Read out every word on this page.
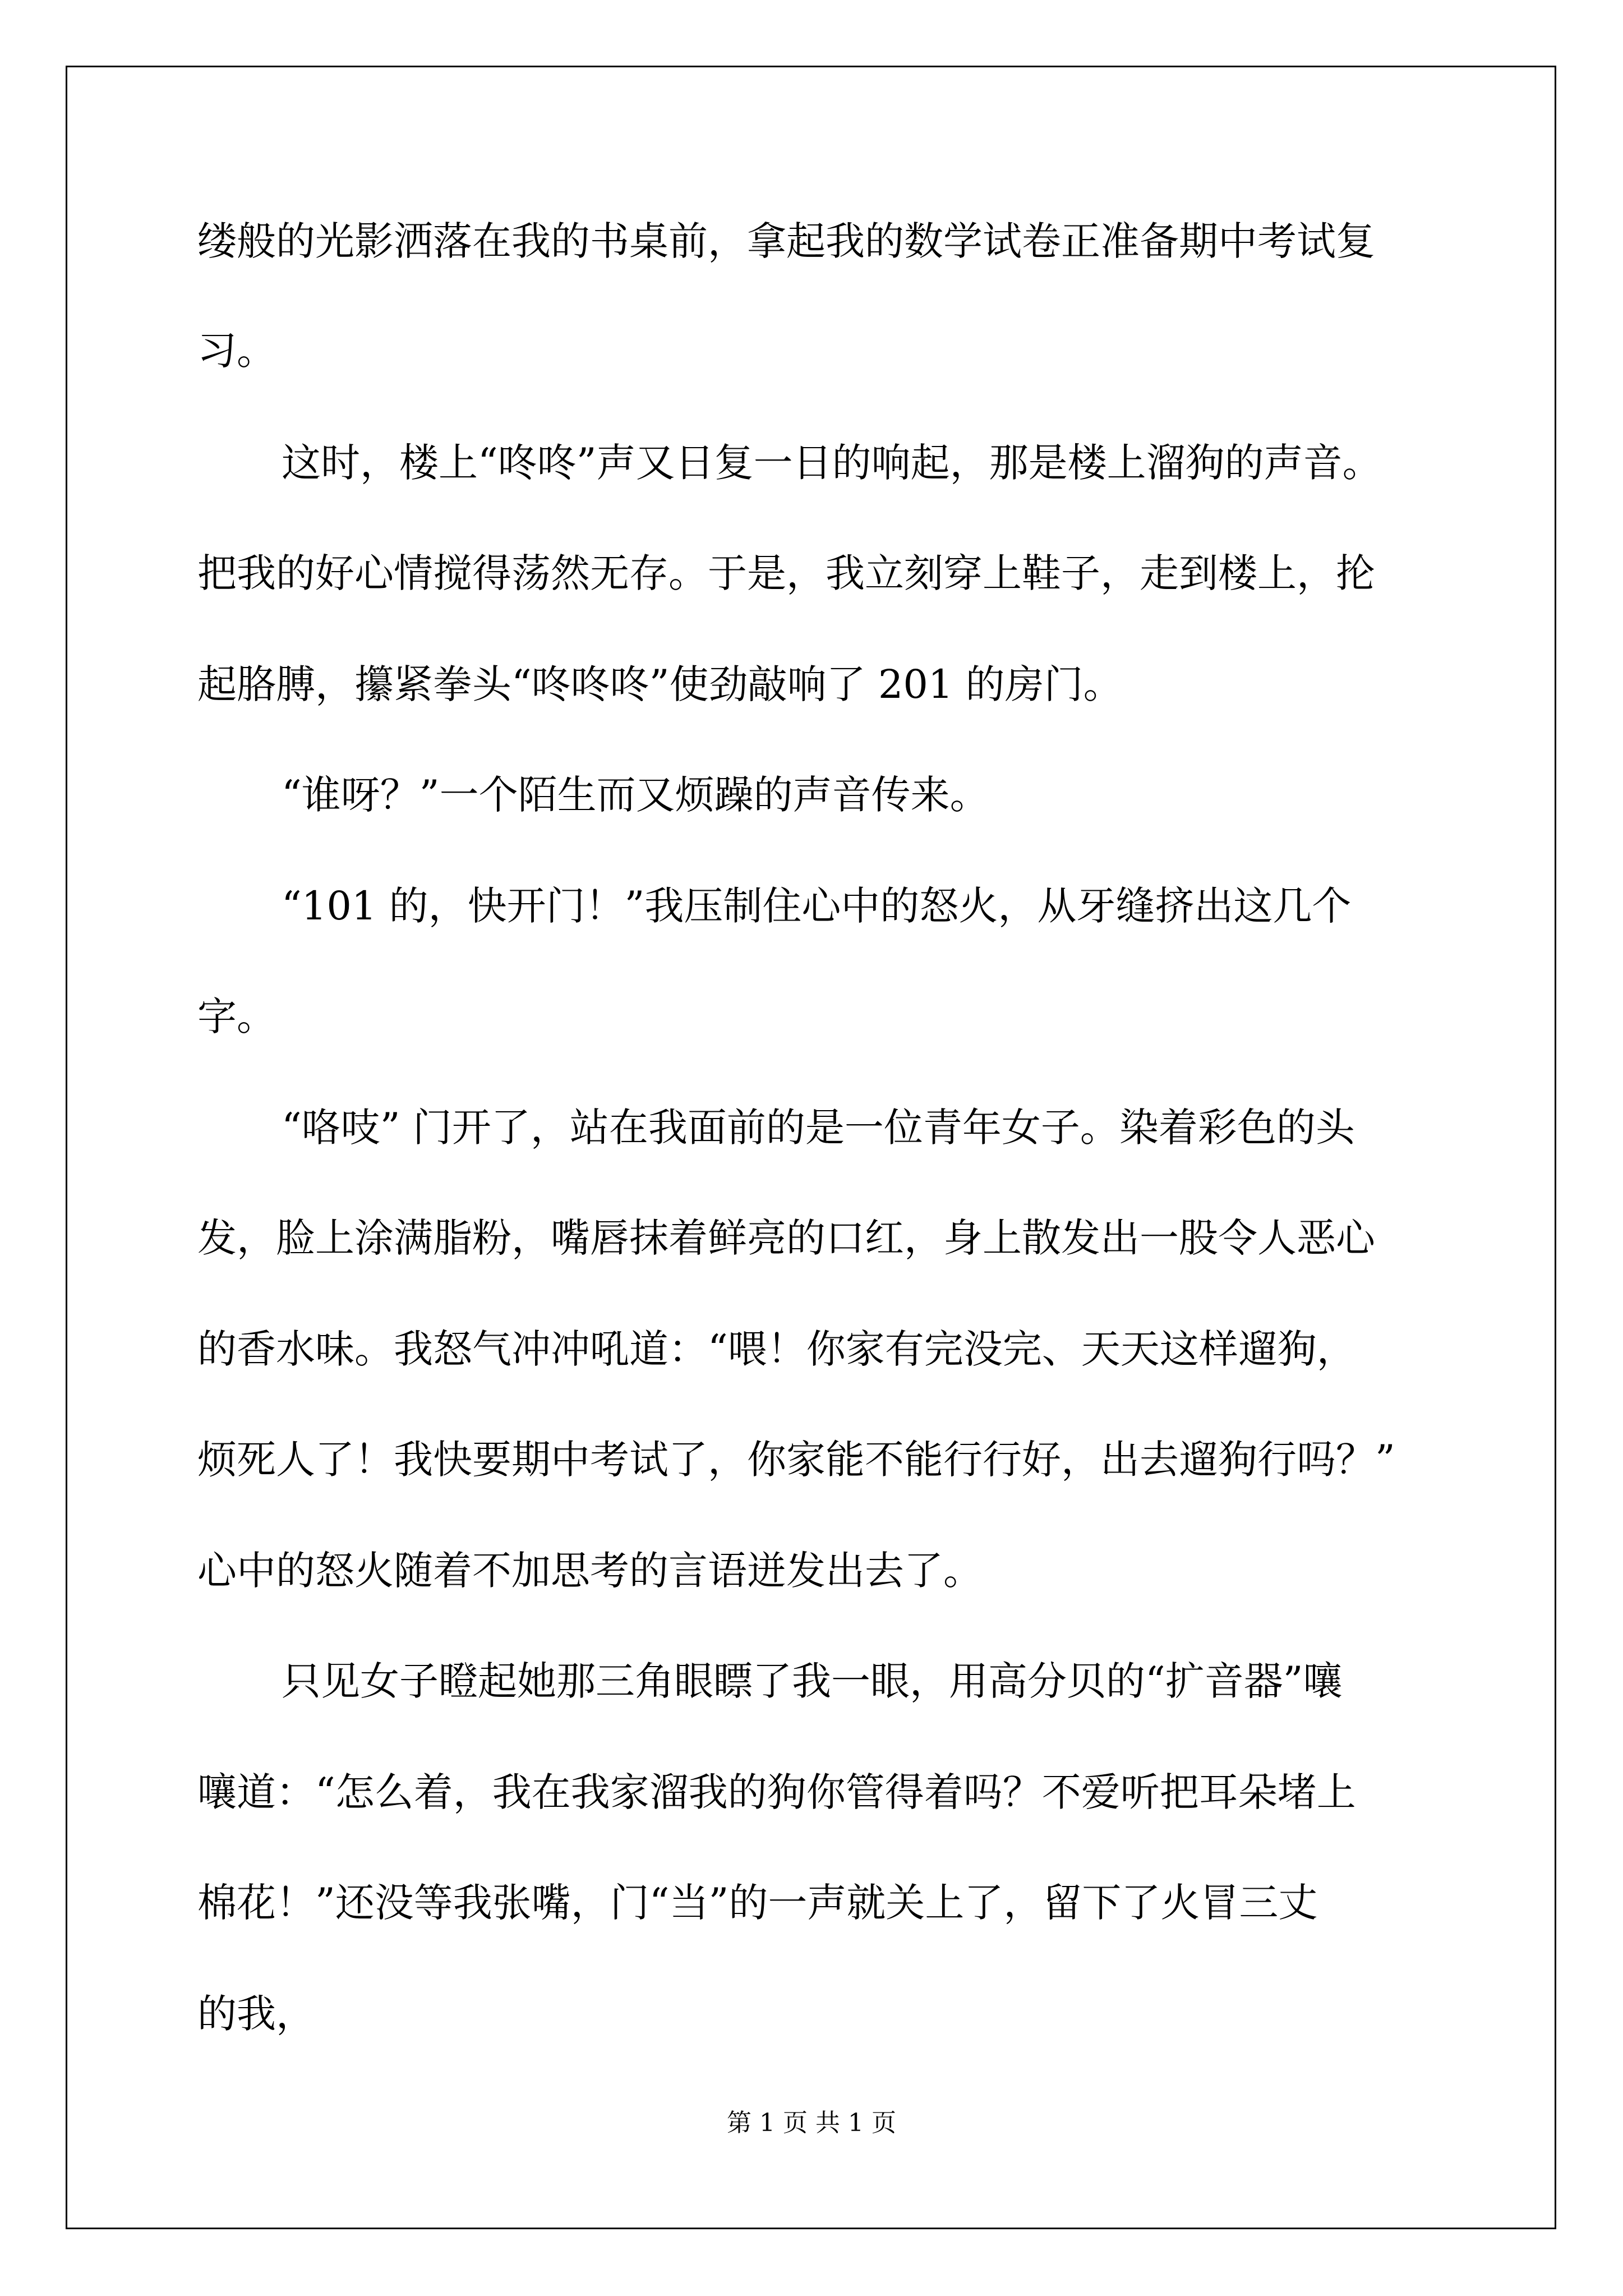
缕般的光影洒落在我的书桌前，拿起我的数学试卷正准备期中考试复
习。
这时，楼上“咚咚”声又日复一日的响起，那是楼上溜狗的声音。
把我的好心情搅得荡然无存。于是，我立刻穿上鞋子，走到楼上，抡
起胳膊，攥紧拳头“咚咚咚”使劲敲响了 201 的房门。
“谁呀？”一个陌生而又烦躁的声音传来。
“101 的，快开门！”我压制住心中的怒火，从牙缝挤出这几个
字。
“咯吱” 门开了，站在我面前的是一位青年女子。染着彩色的头
发，脸上涂满脂粉，嘴唇抹着鲜亮的口红，身上散发出一股令人恶心
的香水味。我怒气冲冲吼道：“喂！你家有完没完、天天这样遛狗，
烦死人了！我快要期中考试了，你家能不能行行好，出去遛狗行吗？”
心中的怒火随着不加思考的言语迸发出去了。
只见女子瞪起她那三角眼瞟了我一眼，用高分贝的“扩音器”嚷
嚷道：“怎么着，我在我家溜我的狗你管得着吗？不爱听把耳朵堵上
棉花！”还没等我张嘴，门“当”的一声就关上了，留下了火冒三丈
的我，
第 1 页 共 1 页
